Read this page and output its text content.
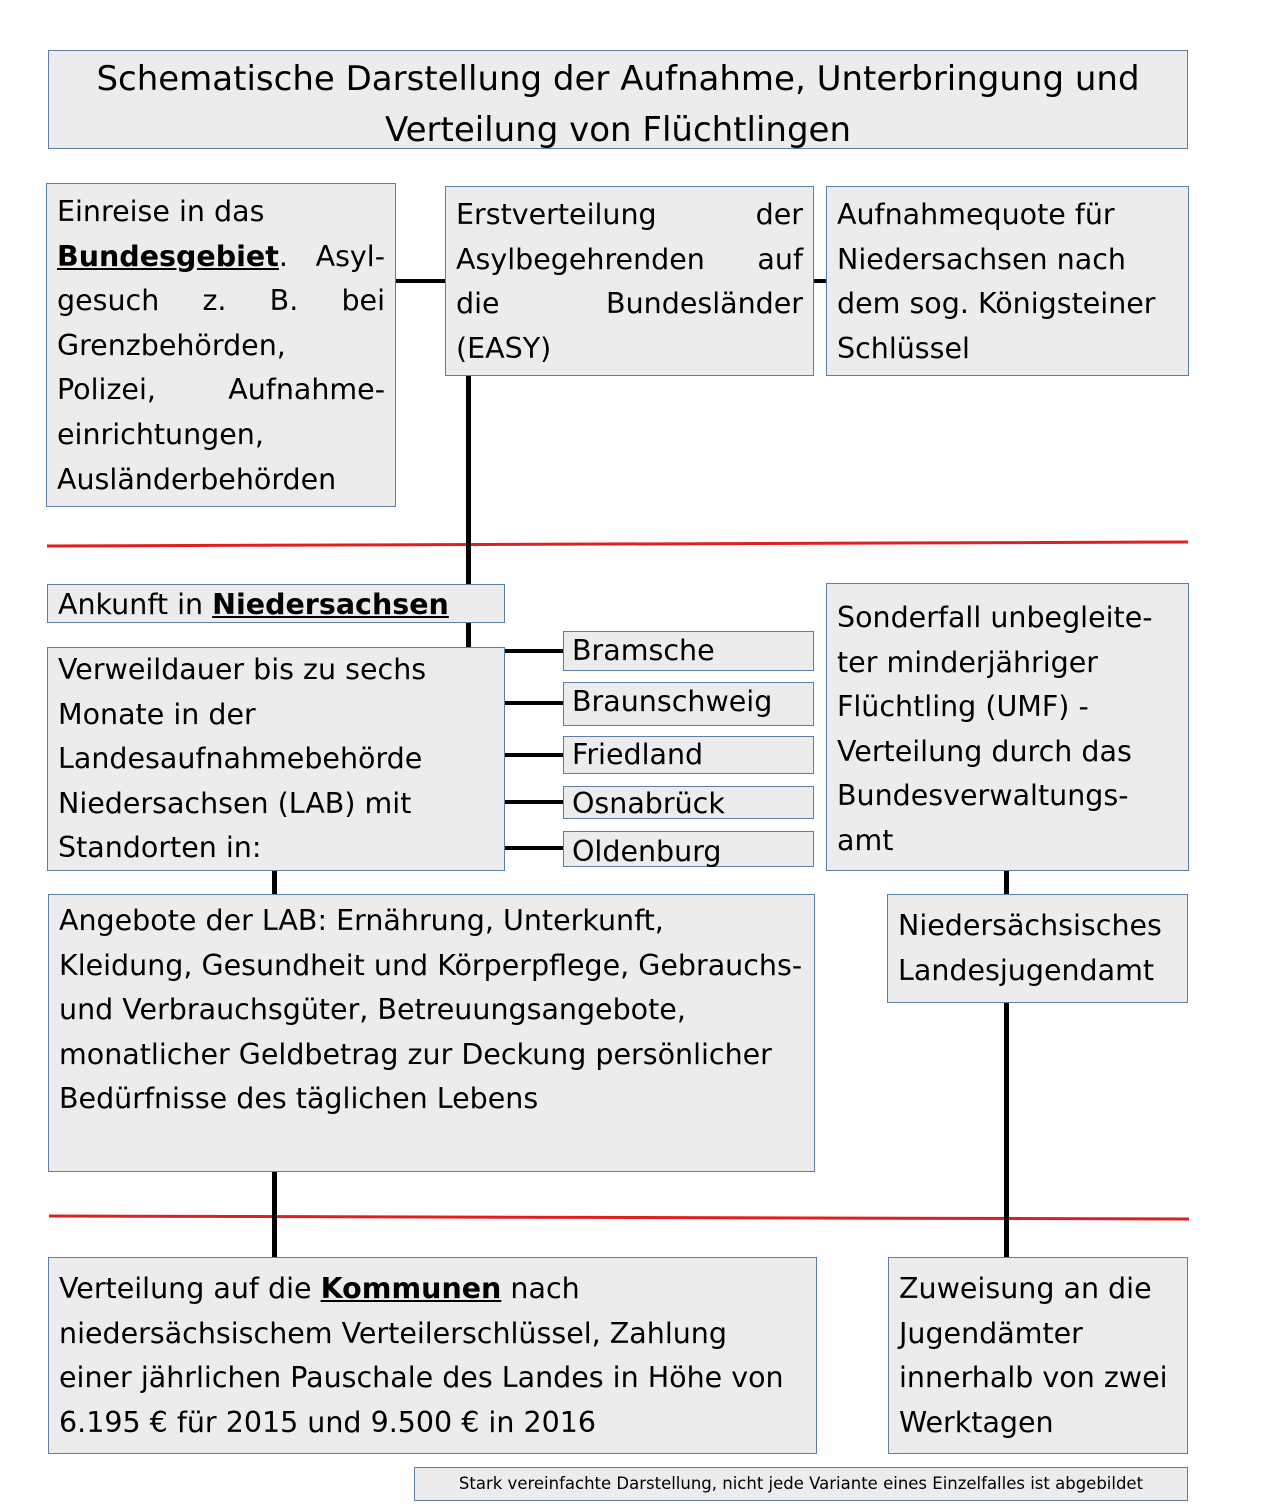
Schematische Darstellung der Aufnahme, Unterbringung und Verteilung von Flüchtlingen
Einreise in das
Bundesgebiet. Asyl-gesuch z. B. bei Grenzbehörden, Polizei, Aufnahme-einrichtungen, Ausländerbehörden
Erstverteilung der Asylbegehrenden auf die Bundesländer (EASY)
Aufnahmequote für Niedersachsen nach dem sog. Königsteiner Schlüssel
Ankunft in Niedersachsen
Verweildauer bis zu sechs Monate in der Landesaufnahmebehörde Niedersachsen (LAB) mit Standorten in:
Bramsche
Braunschweig
Friedland
Osnabrück
Oldenburg
Sonderfall unbegleite-ter minderjähriger Flüchtling (UMF) - Verteilung durch das Bundesverwaltungs-amt
Angebote der LAB: Ernährung, Unterkunft, Kleidung, Gesundheit und Körperpflege, Gebrauchs- und Verbrauchsgüter, Betreuungsangebote, monatlicher Geldbetrag zur Deckung persönlicher Bedürfnisse des täglichen Lebens
Niedersächsisches Landesjugendamt
Verteilung auf die Kommunen nach niedersächsischem Verteilerschlüssel, Zahlung einer jährlichen Pauschale des Landes in Höhe von 6.195 € für 2015 und 9.500 € in 2016
Zuweisung an die Jugendämter innerhalb von zwei Werktagen
Stark vereinfachte Darstellung, nicht jede Variante eines Einzelfalles ist abgebildet
